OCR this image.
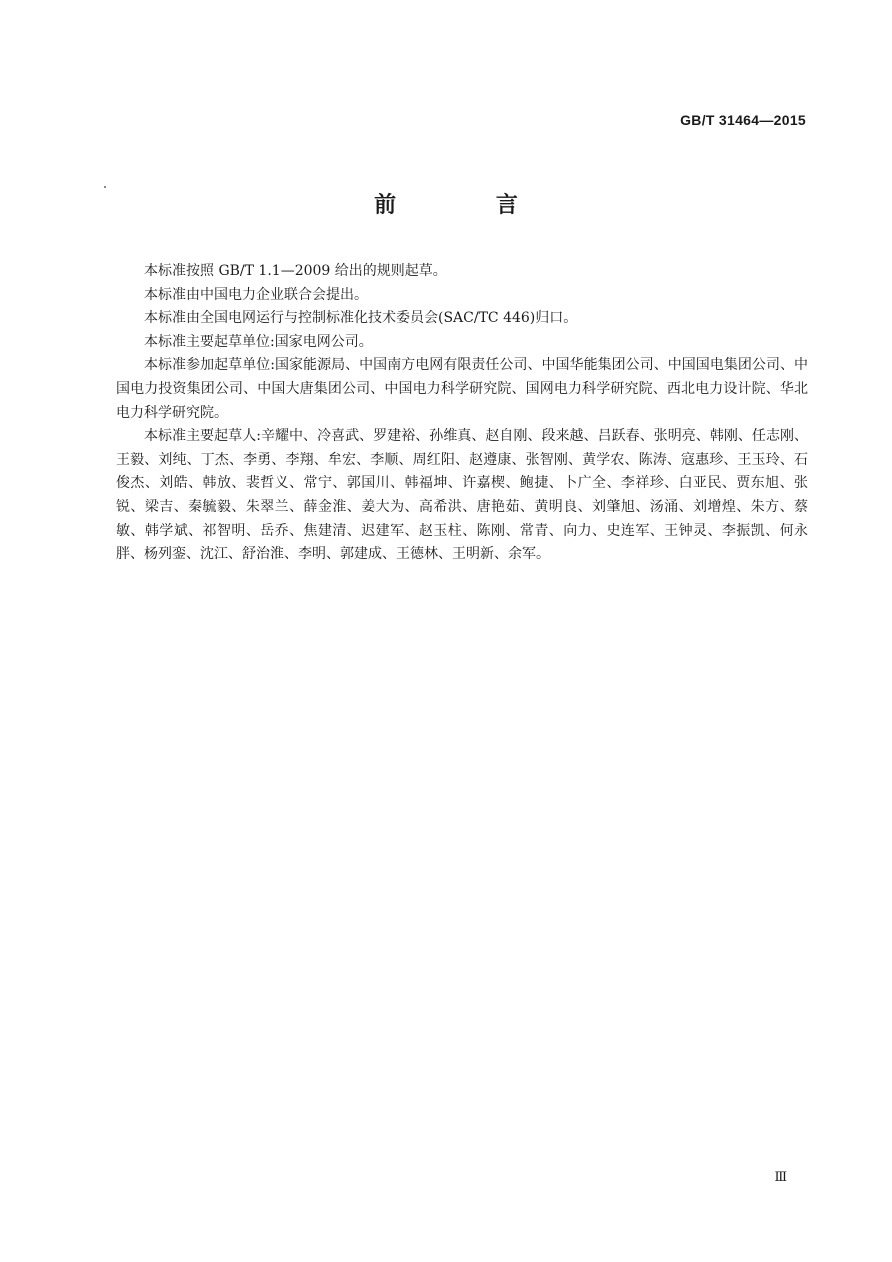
GB/T 31464—2015
前 言

本标准按照 GB/T 1.1—2009 给出的规则起草。

本标准由中国电力企业联合会提出。

本标准由全国电网运行与控制标准化技术委员会(SAC/TC 446)归口。

本标准主要起草单位:国家电网公司。

本标准参加起草单位:国家能源局、中国南方电网有限责任公司、中国华能集团公司、中国国电集团公司、中国电力投资集团公司、中国大唐集团公司、中国电力科学研究院、国网电力科学研究院、西北电力设计院、华北电力科学研究院。

本标准主要起草人:辛耀中、冷喜武、罗建裕、孙维真、赵自刚、段来越、吕跃春、张明亮、韩刚、任志刚、王毅、刘纯、丁杰、李勇、李翔、牟宏、李顺、周红阳、赵遵康、张智刚、黄学农、陈涛、寇惠珍、王玉玲、石俊杰、刘皓、韩放、裴哲义、常宁、郭国川、韩福坤、许嘉楔、鲍捷、卜广全、李祥珍、白亚民、贾东旭、张锐、梁吉、秦毓毅、朱翠兰、薛金淮、姜大为、高希洪、唐艳茹、黄明良、刘肇旭、汤涌、刘增煌、朱方、蔡敏、韩学斌、祁智明、岳乔、焦建清、迟建军、赵玉柱、陈刚、常青、向力、史连军、王钟灵、李振凯、何永胖、杨列銮、沈江、舒治淮、李明、郭建成、王德林、王明新、余军。

Ⅲ
